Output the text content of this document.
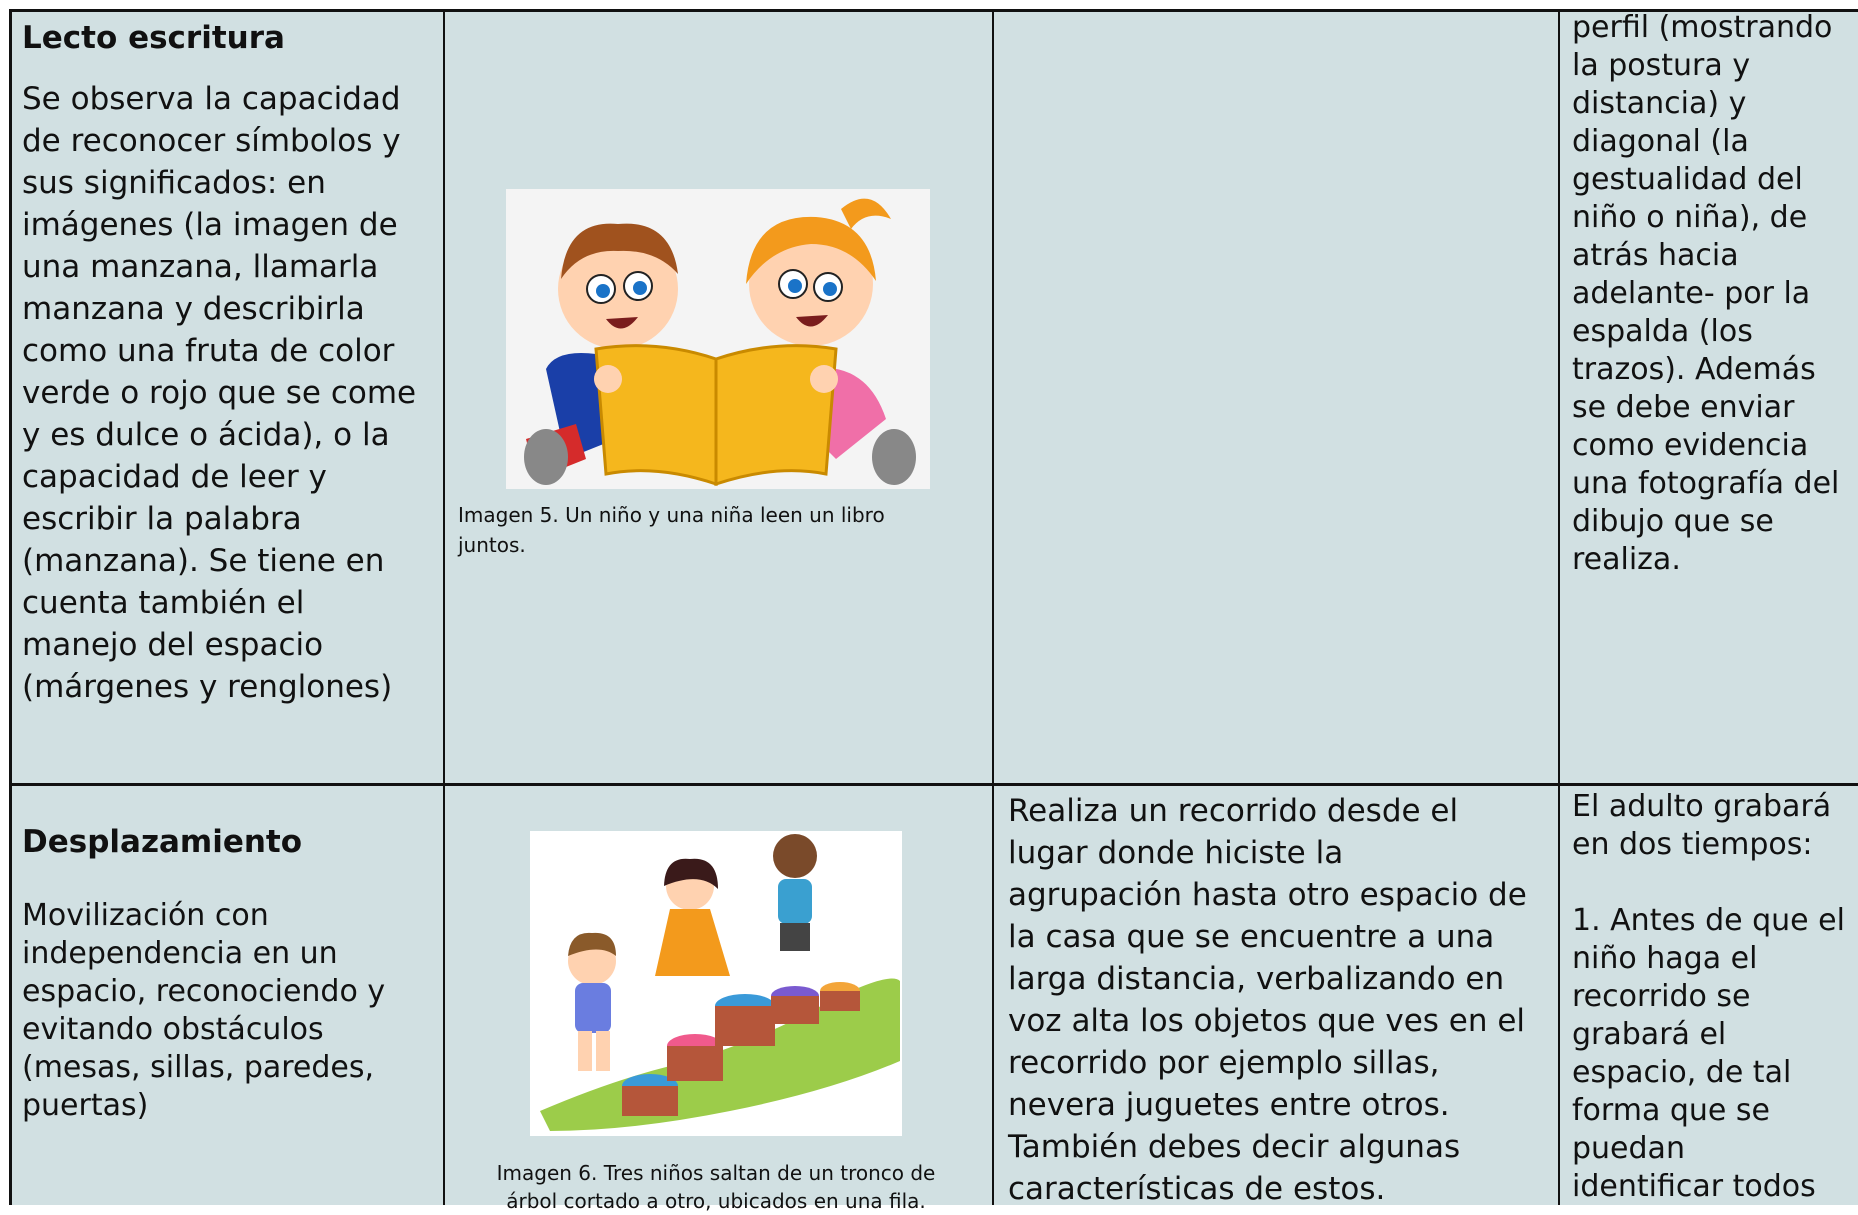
Lecto escritura

Se observa la capacidad
de reconocer símbolos y
sus significados: en
imágenes (la imagen de
una manzana, llamarla
manzana y describirla
como una fruta de color
verde o rojo que se come
y es dulce o ácida), o la
capacidad de leer y
escribir la palabra
(manzana). Se tiene en
cuenta también el
manejo del espacio
(márgenes y renglones)

Imagen 5. Un niño y una niña leen un libro juntos.

perfil (mostrando
la postura y
distancia) y
diagonal (la
gestualidad del
niño o niña), de
atrás hacia
adelante- por la
espalda (los
trazos). Además
se debe enviar
como evidencia
una fotografía del
dibujo que se
realiza.

Desplazamiento

Movilización con
independencia en un
espacio, reconociendo y
evitando obstáculos
(mesas, sillas, paredes,
puertas)

Imagen 6. Tres niños saltan de un tronco de árbol cortado a otro, ubicados en una fila.

Realiza un recorrido desde el
lugar donde hiciste la
agrupación hasta otro espacio de
la casa que se encuentre a una
larga distancia, verbalizando en
voz alta los objetos que ves en el
recorrido por ejemplo sillas,
nevera juguetes entre otros.
También debes decir algunas
características de estos.

El adulto grabará
en dos tiempos:

1. Antes de que el
niño haga el
recorrido se
grabará el
espacio, de tal
forma que se
puedan
identificar todos
